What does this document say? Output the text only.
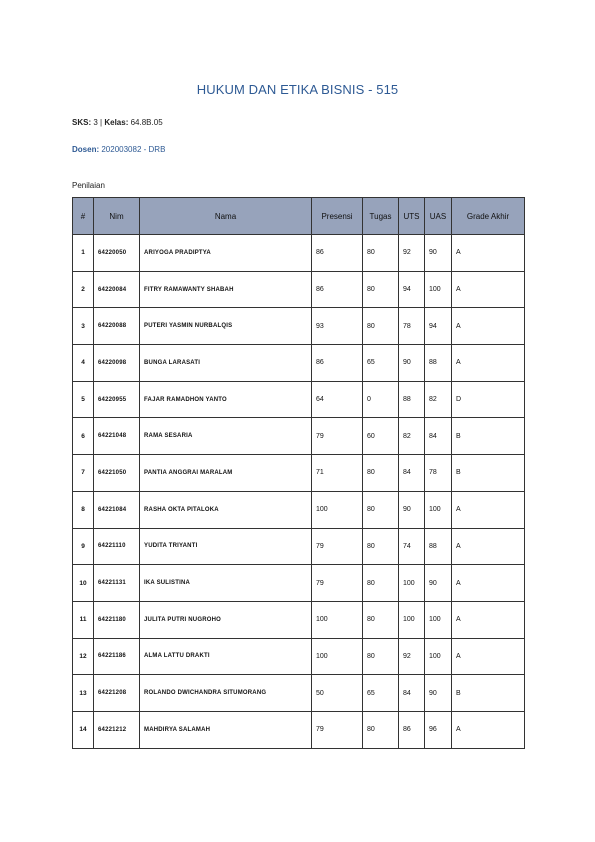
HUKUM DAN ETIKA BISNIS - 515
SKS: 3 | Kelas: 64.8B.05
Dosen: 202003082 - DRB
Penilaian
#	Nim	Nama	Presensi	Tugas	UTS	UAS	Grade Akhir
1	64220050	ARIYOGA PRADIPTYA	86	80	92	90	A
2	64220084	FITRY RAMAWANTY SHABAH	86	80	94	100	A
3	64220088	PUTERI YASMIN NURBALQIS	93	80	78	94	A
4	64220098	BUNGA LARASATI	86	65	90	88	A
5	64220955	FAJAR RAMADHON YANTO	64	0	88	82	D
6	64221048	RAMA SESARIA	79	60	82	84	B
7	64221050	PANTIA ANGGRAI MARALAM	71	80	84	78	B
8	64221084	RASHA OKTA PITALOKA	100	80	90	100	A
9	64221110	YUDITA TRIYANTI	79	80	74	88	A
10	64221131	IKA SULISTINA	79	80	100	90	A
11	64221180	JULITA PUTRI NUGROHO	100	80	100	100	A
12	64221186	ALMA LATTU DRAKTI	100	80	92	100	A
13	64221208	ROLANDO DWICHANDRA SITUMORANG	50	65	84	90	B
14	64221212	MAHDIRYA SALAMAH	79	80	86	96	A
